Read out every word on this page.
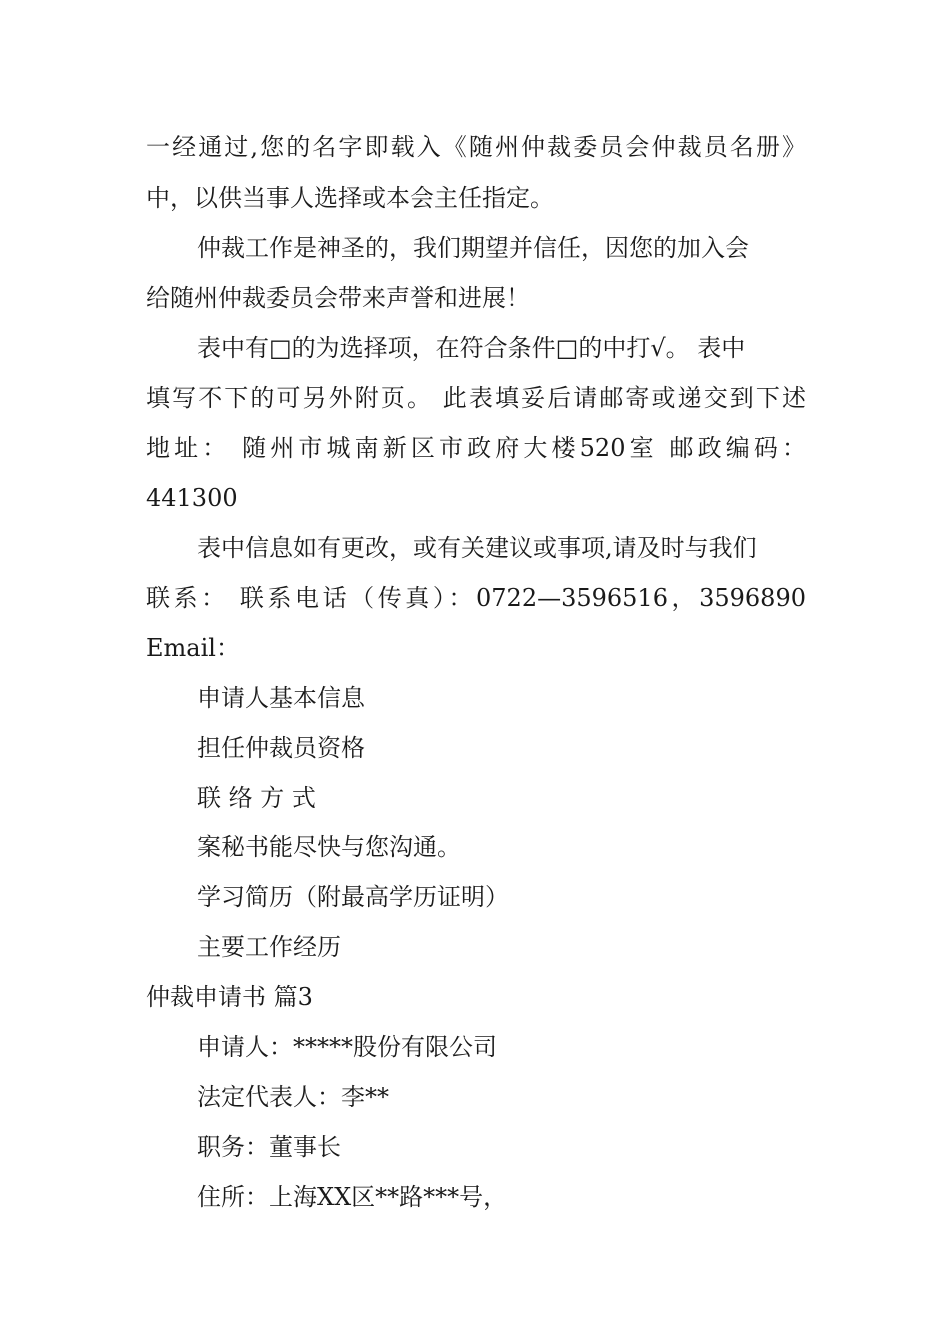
一经通过,您的名字即载入《随州仲裁委员会仲裁员名册》
中，以供当事人选择或本会主任指定。
仲裁工作是神圣的，我们期望并信任，因您的加入会
给随州仲裁委员会带来声誉和进展！
表中有□的为选择项，在符合条件□的中打√。 表中
填写不下的可另外附页。 此表填妥后请邮寄或递交到下述
地址： 随州市城南新区市政府大楼520室 邮政编码：
441300
表中信息如有更改，或有关建议或事项,请及时与我们
联系： 联系电话（传真）：0722—3596516，3596890
Email：
申请人基本信息
担任仲裁员资格
联 络 方 式
案秘书能尽快与您沟通。
学习简历（附最高学历证明）
主要工作经历
仲裁申请书 篇3
申请人：*****股份有限公司
法定代表人：李**
职务：董事长
住所：上海XX区**路***号，
